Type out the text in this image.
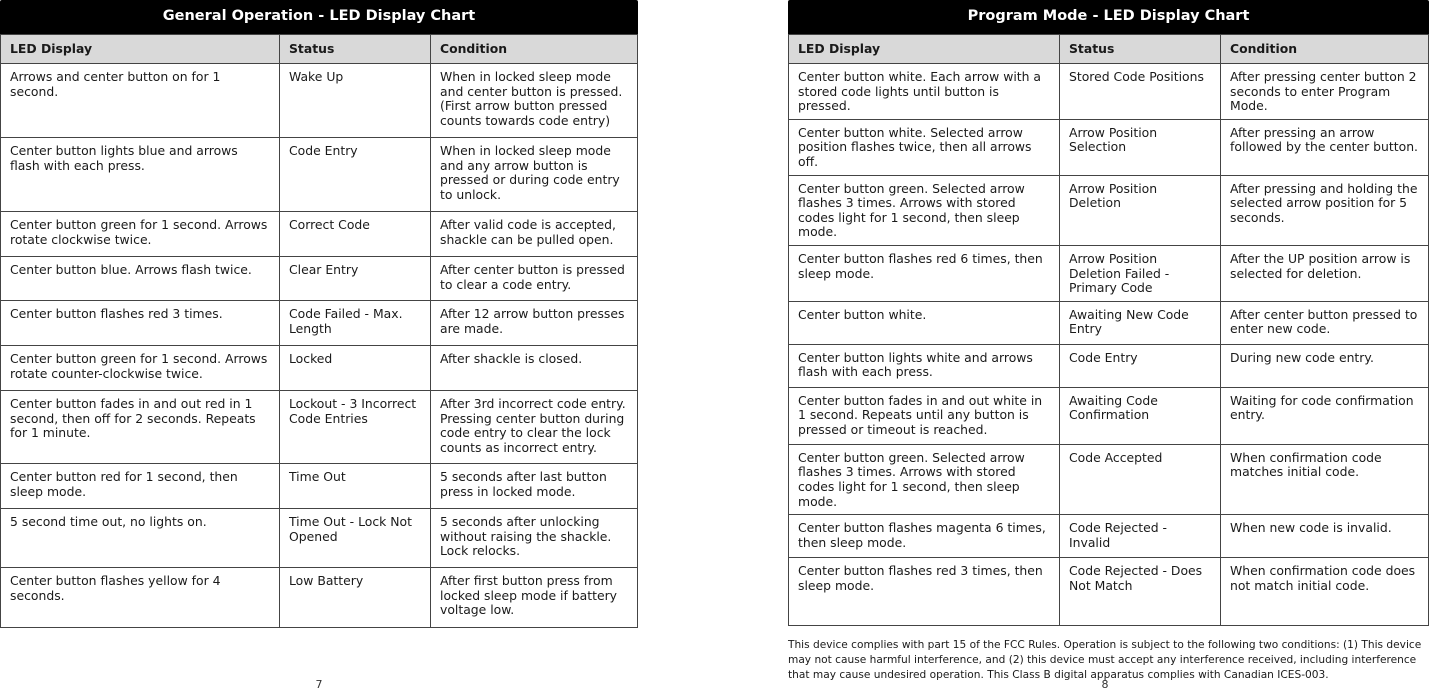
General Operation - LED Display Chart
LED Display	Status	Condition
Arrows and center button on for 1 second.	Wake Up	When in locked sleep mode and center button is pressed. (First arrow button pressed counts towards code entry)
Center button lights blue and arrows flash with each press.	Code Entry	When in locked sleep mode and any arrow button is pressed or during code entry to unlock.
Center button green for 1 second. Arrows rotate clockwise twice.	Correct Code	After valid code is accepted, shackle can be pulled open.
Center button blue. Arrows flash twice.	Clear Entry	After center button is pressed to clear a code entry.
Center button flashes red 3 times.	Code Failed - Max. Length	After 12 arrow button presses are made.
Center button green for 1 second. Arrows rotate counter-clockwise twice.	Locked	After shackle is closed.
Center button fades in and out red in 1 second, then off for 2 seconds. Repeats for 1 minute.	Lockout - 3 Incorrect Code Entries	After 3rd incorrect code entry. Pressing center button during code entry to clear the lock counts as incorrect entry.
Center button red for 1 second, then sleep mode.	Time Out	5 seconds after last button press in locked mode.
5 second time out, no lights on.	Time Out - Lock Not Opened	5 seconds after unlocking without raising the shackle. Lock relocks.
Center button flashes yellow for 4 seconds.	Low Battery	After first button press from locked sleep mode if battery voltage low.
7
Program Mode - LED Display Chart
LED Display	Status	Condition
Center button white. Each arrow with a stored code lights until button is pressed.	Stored Code Positions	After pressing center button 2 seconds to enter Program Mode.
Center button white. Selected arrow position flashes twice, then all arrows off.	Arrow Position Selection	After pressing an arrow followed by the center button.
Center button green. Selected arrow flashes 3 times. Arrows with stored codes light for 1 second, then sleep mode.	Arrow Position Deletion	After pressing and holding the selected arrow position for 5 seconds.
Center button flashes red 6 times, then sleep mode.	Arrow Position Deletion Failed - Primary Code	After the UP position arrow is selected for deletion.
Center button white.	Awaiting New Code Entry	After center button pressed to enter new code.
Center button lights white and arrows flash with each press.	Code Entry	During new code entry.
Center button fades in and out white in 1 second. Repeats until any button is pressed or timeout is reached.	Awaiting Code Confirmation	Waiting for code confirmation entry.
Center button green. Selected arrow flashes 3 times. Arrows with stored codes light for 1 second, then sleep mode.	Code Accepted	When confirmation code matches initial code.
Center button flashes magenta 6 times, then sleep mode.	Code Rejected - Invalid	When new code is invalid.
Center button flashes red 3 times, then sleep mode.	Code Rejected - Does Not Match	When confirmation code does not match initial code.
This device complies with part 15 of the FCC Rules. Operation is subject to the following two conditions: (1) This device may not cause harmful interference, and (2) this device must accept any interference received, including interference that may cause undesired operation. This Class B digital apparatus complies with Canadian ICES-003.
8
